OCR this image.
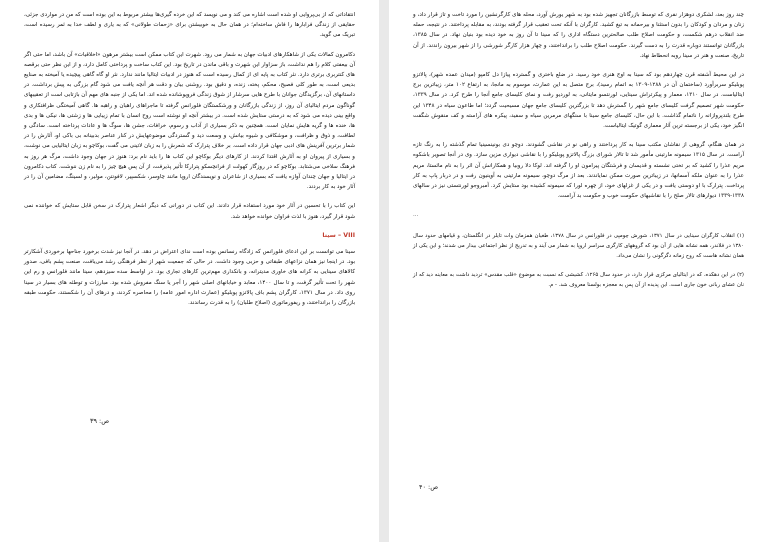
انتقاداتی که از بی‌پروایی او شده است اشاره می کند و می نویسد که این خرده گیری‌ها بیشتر مربوط به این بوده است که من در مواردی جزئی، حقایقی از زندگی فرابارها را فاش ساخته‌ام؛ در همان حال به خوبیشتن برای «زحمات طولانی» که به یاری و لطف خدا به ثمر رسیده است، تبریک می گوید.

دکامرون کمالات یکی از شاهکارهای ادبیات جهان به شمار می رود. شهرت این کتاب ممکن است بیشتر مرهون «اخلاقیات» آن باشد، اما حتی اگر آن بیعفتی کلام را هم نداشت، باز سزاوار این شهرت و باقی ماندن در تاریخ بود. این کتاب ساخت و پرداختی کامل دارد، و از این نظر حتی برقصه های کنتربری برتری دارد. نثر کتاب به پایه ای از کمال رسیده است که هنوز در ادبیات ایتالیا مانند ندارد. نثر او گاه گاهی پیچیده یا آمیخته به صنایع بدیعی است، به طور کلی فصیح، محکم، پخته، زنده، و دقیق بود. روشنی بیان و دقت هر آنچه یافت می شود گام بزرگی به پیش برداشت. در داستانهای آن، برگزیدگان جوانان با طرح هایی سرشار از شوق زندگی فروپوشانده شده اند. اما یکی از جنبه های مهم آن بازتابی است از تعقیبهای گوناگون مردم ایتالیای آن روز، از زندگی بازرگانان و ورشکستگان فلورانس گرفته تا ماجراهای راهبان و راهبه ها. گاهی آمیختگی ظرافتکاری و واقع بینی دیده می شود که به درستی ستایش شده است. در بیشتر آنچه او نوشته است روح انسان با تمام زیبایی ها و زشتی ها، نیکی ها و بدی ها، خنده ها و گریه هایش نمایان است. همچنین به ذکر بسیاری از آداب و رسوم، خرافات، جشن ها، سوگ ها و عادات پرداخته است. سادگی و لطافت، و ذوق و ظرافت، و موشکافی و شیوه بیانش، و وسعت دید و گستردگی موضوعهایش در کنار عناصر بدبینانه بی باکی او، آثارش را در شمار برترین آفرینش های ادبی جهان قرار داده است. بر خلاف پترارک که شعرش را به زبان لاتینی می گفت، بوکاچو به زبان ایتالیایی می نوشت، و بسیاری از پیروان او به آثارش اقتدا کردند. از کارهای دیگر بوکاچو این کتاب ها را باید نام برد: هنوز در جهان وجود داشت، مرگ هر روز به فرهنگ سلاخی می‌شتابد. بوکاچو که در روزگار کهولت از فرانچسکو پترارکا تأثیر پذیرفت، از آن پس هیچ چیز را به نام زن ننوشت. کتاب دکامرون در ایتالیا و جهان چندان آوازه یافت که بسیاری از شاعران و نویسندگان اروپا مانند چاوسر، شکسپیر، لافونتن، مولیر، و لسینگ، مضامین آن را در آثار خود به کار بردند.

این کتاب را با تحسین در آثار خود مورد استفاده قرار دادند. این کتاب در دورانی که دیگر اشعار پترارک در سخن قابل ستایش که خواننده نمی شود قرار گیرد، هنوز با لذت فراوان خوانده خواهد شد.

VIII – سینا

سینا می توانست بر این ادعای فلورانس که زادگاه رنسانس بوده است ندای اعتراض در دهد. در آنجا نیز شدت برخورد جناحها برخوردی آشکارتر بود. در اینجا نیز همان نزاعهای طبقاتی و حزبی وجود داشت. در حالی که جمعیت شهر از نظر فرهنگی رشد می‌یافت، صنعت پشم بافی، صدور کالاهای سینایی به کرانه های خاوری مدیترانه، و بانکداری مهم‌ترین کارهای تجاری بود. در اواسط سده سیزدهم، سینا مانند فلورانس و رم این شهر را تحت تأثیر گرفت، و تا سال ۱۴۰۰، معابد و خیابانهای اصلی شهر را آجر یا سنگ مفروش شده بود. مبارزات و توطئه های بسیار در سینا روی داد. در سال ۱۳۷۱، کارگران پشم باف پالاتزو پوبلیکو (عمارت اداره امور عامه) را محاصره کردند، و درهای آن را شکستند، حکومت طبقه بازرگان را برانداختند، و ریفورماتوری (اصلاح طلبان) را به قدرت رساندند.

ص: ۳۹

چند روز بعد، لشکری دوهزار نفری که توسط بازرگانان تجهیز شده بود به شهر یورش آورد، محله های کارگرنشین را مورد تاخت و تاز قرار داد، و زنان و مردان و کودکان را بدون استثنا و بیرحمانه به تیغ کشید. کارگران با آنکه تحت تعقیب قرار گرفته بودند، به مقابله پرداختند. در نتیجه، حمله ضد انقلاب درهم شکست، و حکومت اصلاح طلب صالحترین دستگاه اداری را که سینا تا آن روز به خود دیده بود بنیان نهاد. در سال ۱۳۸۵، بازرگانان توانستند دوباره قدرت را به دست گیرند. حکومت اصلاح طلب را برانداختند، و چهار هزار کارگر شورشی را از شهر بیرون راندند. از آن تاریخ، صنعت و هنر در سینا روبه انحطاط نهاد.

در این محیط آشفته قرن چهاردهم بود که سینا به اوج هنری خود رسید. در ضلع باختری و گسترده پیازا دل کامپو (میدان عمده شهر)، پالاتزو پوبلیکو سربرآورد (ساختمان آن در ۱۲۸۸-۱۳۰۹ به اتمام رسید)، برج متصل به این عمارت، موسوم به مانجا، به ارتفاع ۱۰۲ متر، زیباترین برج ایتالیاست. در سال ۱۳۱۰، معمار و پیکرتراش سینایی، لورنتسو مایتانی، به لوردیو رفت و نمای کلیسای جامع آنجا را طرح کرد. در سال ۱۳۳۹، حکومت شهر تصمیم گرفت کلیسای جامع شهر را گسترش دهد تا بزرگترین کلیسای جامع جهان مسیحیت گردد؛ اما طاعون سیاه در ۱۳۴۸ این طرح بلندپروازانه را ناتمام گذاشت. با این حال، کلیسای جامع سینا با سنگهای مرمرین سیاه و سفید، پیکره های آراسته و کف منقوش شگفت انگیز خود، یکی از برجسته ترین آثار معماری گوتیک ایتالیاست.

در همان هنگام، گروهی از نقاشان مکتب سینا به کار پرداختند و راهی نو در نقاشی گشودند. دوچو دی بونینسینیا تمام گذشته را به رنگ تازه آراست. در سال ۱۳۱۵ سیمونه مارتینی مأمور شد تا تالار شورای بزرگ پالاتزو پوبلیکو را با نقاشی دیواری مزین سازد. وی در آنجا تصویر باشکوه مریم عذرا را کشید که بر تختی نشسته و قدیسان و فرشتگان پیرامون او را گرفته اند. لوکا دلا روبیا و همکارانش آن اثر را به نام مائستا، مریم عذرا را به عنوان ملکه آسمانها، در زیباترین صورت ممکن نمایاندند. بعد از مرگ دوچو، سیمونه مارتینی به آوینیون رفت و در دربار پاپ به کار پرداخت. پترارک با او دوستی یافت و در یکی از غزلهای خود، از چهره لورا که سیمونه کشیده بود ستایش کرد. آمبروجو لورنتستی نیز در سالهای ۱۳۳۸-۱۳۳۹ دیوارهای تالار صلح را با نقاشیهای حکومت خوب و حکومت بد آراست.

...

(۱) انقلاب کارگران سینایی در سال ۱۳۷۱، شورش چومپی در فلورانس در سال ۱۳۷۸، طغیان همزمان وات تایلر در انگلستان، و قیامهای حدود سال ۱۳۸۰ در فلاندر، همه نشانه هایی از آن بود که گروههای کارگری سراسر اروپا به شمار می آیند و به تدریج از نظر اجتماعی بیدار می شدند؛ و این یکی از همان نشانه هاست که روح زمانه دگرگونی را نشان می‌داد.

(۲) در این دهکده، که در ایتالیای مرکزی قرار دارد، در حدود سال ۱۲۶۵، کشیشی که نسبت به موضوع «قلب مقدس» تردید داشت به معاینه دید که از نان عشای ربانی خون جاری است. این پدیده از آن پس به معجزه بولسنا معروف شد. - م.

ص: ۴۰
